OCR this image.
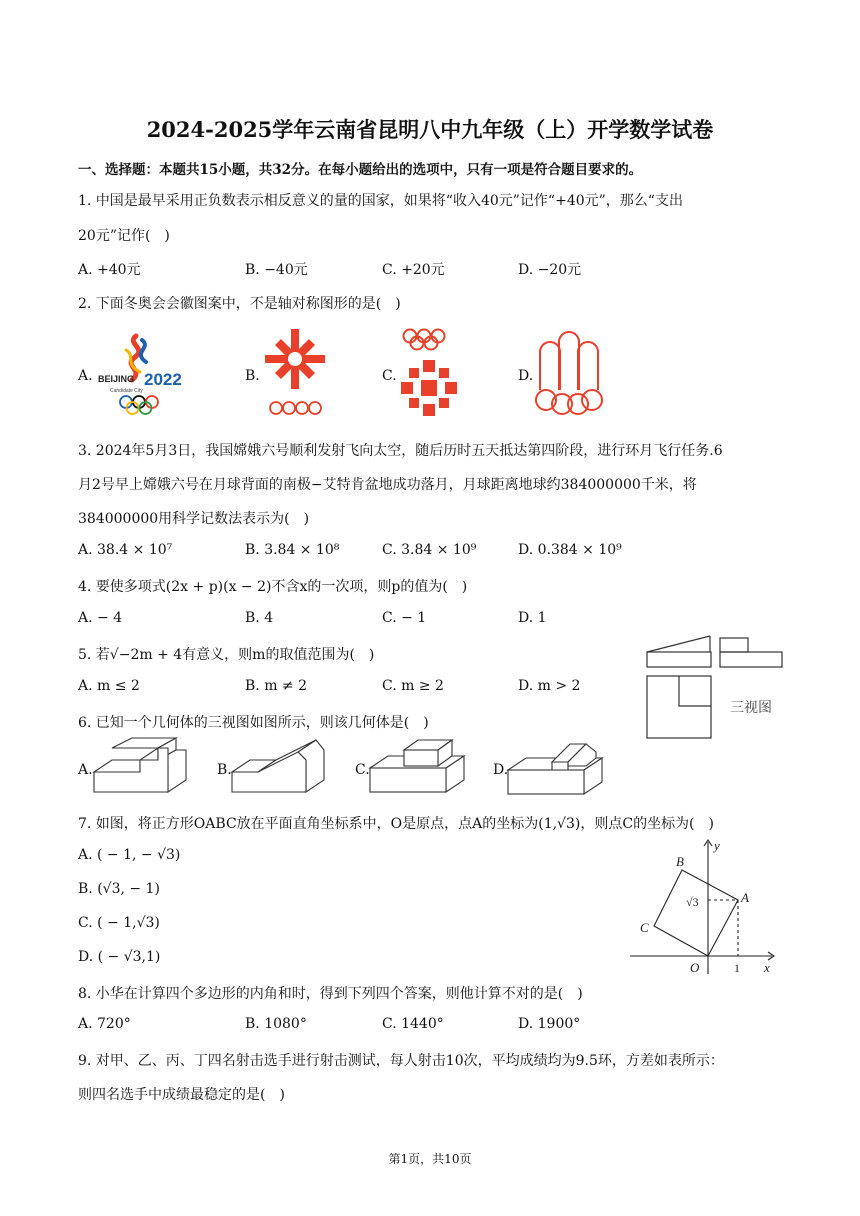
2024-2025学年云南省昆明八中九年级（上）开学数学试卷
一、选择题：本题共15小题，共32分。在每小题给出的选项中，只有一项是符合题目要求的。
1. 中国是最早采用正负数表示相反意义的量的国家，如果将“收入40元”记作“+40元”，那么“支出
20元”记作(　)
A. +40元	B. −40元	C. +20元	D. −20元
2. 下面冬奥会会徽图案中，不是轴对称图形的是(　)
A.	B.	C.	D.
BEIJING 2022
Candidate City
3. 2024年5月3日，我国嫦娥六号顺利发射飞向太空，随后历时五天抵达第四阶段，进行环月飞行任务.6
月2号早上嫦娥六号在月球背面的南极−艾特肯盆地成功落月，月球距离地球约384000000千米，将
384000000用科学记数法表示为(　)
A. 38.4 × 10⁷	B. 3.84 × 10⁸	C. 3.84 × 10⁹	D. 0.384 × 10⁹
4. 要使多项式(2x + p)(x − 2)不含x的一次项，则p的值为(　)
A. − 4	B. 4	C. − 1	D. 1
5. 若√−2m + 4有意义，则m的取值范围为(　)
A. m ≤ 2	B. m ≠ 2	C. m ≥ 2	D. m > 2
三视图
6. 已知一个几何体的三视图如图所示，则该几何体是(　)
A.	B.	C.	D.
7. 如图，将正方形OABC放在平面直角坐标系中，O是原点，点A的坐标为(1,√3)，则点C的坐标为(　)
A. ( − 1, − √3)
B. (√3, − 1)
C. ( − 1,√3)
D. ( − √3,1)
y
x
O
A
B
C
1
√3
8. 小华在计算四个多边形的内角和时，得到下列四个答案，则他计算不对的是(　)
A. 720°	B. 1080°	C. 1440°	D. 1900°
9. 对甲、乙、丙、丁四名射击选手进行射击测试，每人射击10次，平均成绩均为9.5环，方差如表所示：
则四名选手中成绩最稳定的是(　)
第1页，共10页
